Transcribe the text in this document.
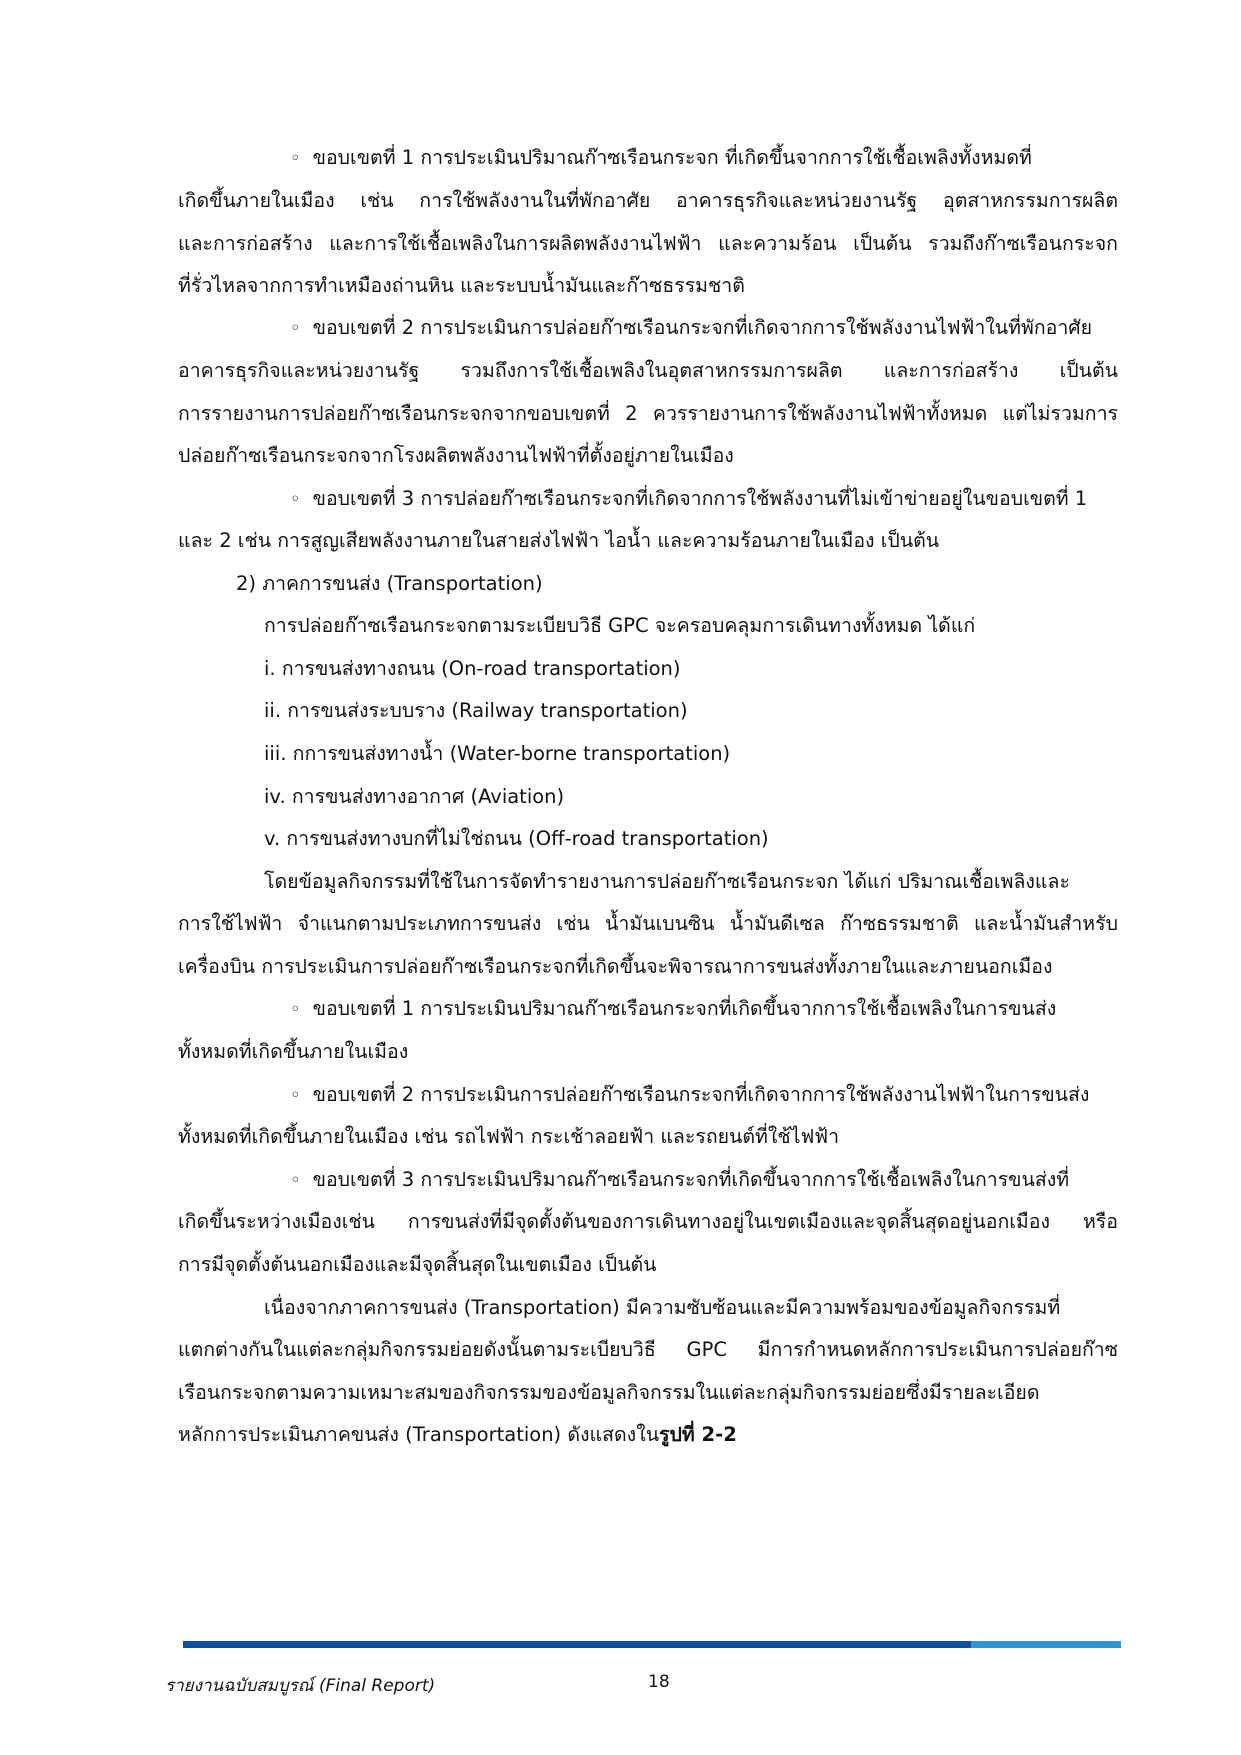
◦ ขอบเขตที่ 1 การประเมินปริมาณก๊าซเรือนกระจก ที่เกิดขึ้นจากการใช้เชื้อเพลิงทั้งหมดที่
เกิดขึ้นภายในเมือง เช่น การใช้พลังงานในที่พักอาศัย อาคารธุรกิจและหน่วยงานรัฐ อุตสาหกรรมการผลิต
และการก่อสร้าง และการใช้เชื้อเพลิงในการผลิตพลังงานไฟฟ้า และความร้อน เป็นต้น รวมถึงก๊าซเรือนกระจก
ที่รั่วไหลจากการทำเหมืองถ่านหิน และระบบน้ำมันและก๊าซธรรมชาติ
◦ ขอบเขตที่ 2 การประเมินการปล่อยก๊าซเรือนกระจกที่เกิดจากการใช้พลังงานไฟฟ้าในที่พักอาศัย
อาคารธุรกิจและหน่วยงานรัฐ รวมถึงการใช้เชื้อเพลิงในอุตสาหกรรมการผลิต และการก่อสร้าง เป็นต้น
การรายงานการปล่อยก๊าซเรือนกระจกจากขอบเขตที่ 2 ควรรายงานการใช้พลังงานไฟฟ้าทั้งหมด แต่ไม่รวมการ
ปล่อยก๊าซเรือนกระจกจากโรงผลิตพลังงานไฟฟ้าที่ตั้งอยู่ภายในเมือง
◦ ขอบเขตที่ 3 การปล่อยก๊าซเรือนกระจกที่เกิดจากการใช้พลังงานที่ไม่เข้าข่ายอยู่ในขอบเขตที่ 1
และ 2 เช่น การสูญเสียพลังงานภายในสายส่งไฟฟ้า ไอน้ำ และความร้อนภายในเมือง เป็นต้น
2) ภาคการขนส่ง (Transportation)
การปล่อยก๊าซเรือนกระจกตามระเบียบวิธี GPC จะครอบคลุมการเดินทางทั้งหมด ได้แก่
i. การขนส่งทางถนน (On-road transportation)
ii. การขนส่งระบบราง (Railway transportation)
iii. กการขนส่งทางน้ำ (Water-borne transportation)
iv. การขนส่งทางอากาศ (Aviation)
v. การขนส่งทางบกที่ไม่ใช่ถนน (Off-road transportation)
โดยข้อมูลกิจกรรมที่ใช้ในการจัดทำรายงานการปล่อยก๊าซเรือนกระจก ได้แก่ ปริมาณเชื้อเพลิงและ
การใช้ไฟฟ้า จำแนกตามประเภทการขนส่ง เช่น น้ำมันเบนซิน น้ำมันดีเซล ก๊าซธรรมชาติ และน้ำมันสำหรับ
เครื่องบิน การประเมินการปล่อยก๊าซเรือนกระจกที่เกิดขึ้นจะพิจารณาการขนส่งทั้งภายในและภายนอกเมือง
◦ ขอบเขตที่ 1 การประเมินปริมาณก๊าซเรือนกระจกที่เกิดขึ้นจากการใช้เชื้อเพลิงในการขนส่ง
ทั้งหมดที่เกิดขึ้นภายในเมือง
◦ ขอบเขตที่ 2 การประเมินการปล่อยก๊าซเรือนกระจกที่เกิดจากการใช้พลังงานไฟฟ้าในการขนส่ง
ทั้งหมดที่เกิดขึ้นภายในเมือง เช่น รถไฟฟ้า กระเช้าลอยฟ้า และรถยนต์ที่ใช้ไฟฟ้า
◦ ขอบเขตที่ 3 การประเมินปริมาณก๊าซเรือนกระจกที่เกิดขึ้นจากการใช้เชื้อเพลิงในการขนส่งที่
เกิดขึ้นระหว่างเมืองเช่น การขนส่งที่มีจุดตั้งต้นของการเดินทางอยู่ในเขตเมืองและจุดสิ้นสุดอยู่นอกเมือง หรือ
การมีจุดตั้งต้นนอกเมืองและมีจุดสิ้นสุดในเขตเมือง เป็นต้น
เนื่องจากภาคการขนส่ง (Transportation) มีความซับซ้อนและมีความพร้อมของข้อมูลกิจกรรมที่
แตกต่างกันในแต่ละกลุ่มกิจกรรมย่อยดังนั้นตามระเบียบวิธี GPC มีการกำหนดหลักการประเมินการปล่อยก๊าซ
เรือนกระจกตามความเหมาะสมของกิจกรรมของข้อมูลกิจกรรมในแต่ละกลุ่มกิจกรรมย่อยซึ่งมีรายละเอียด
หลักการประเมินภาคขนส่ง (Transportation) ดังแสดงในรูปที่ 2-2
รายงานฉบับสมบูรณ์ (Final Report)	18
